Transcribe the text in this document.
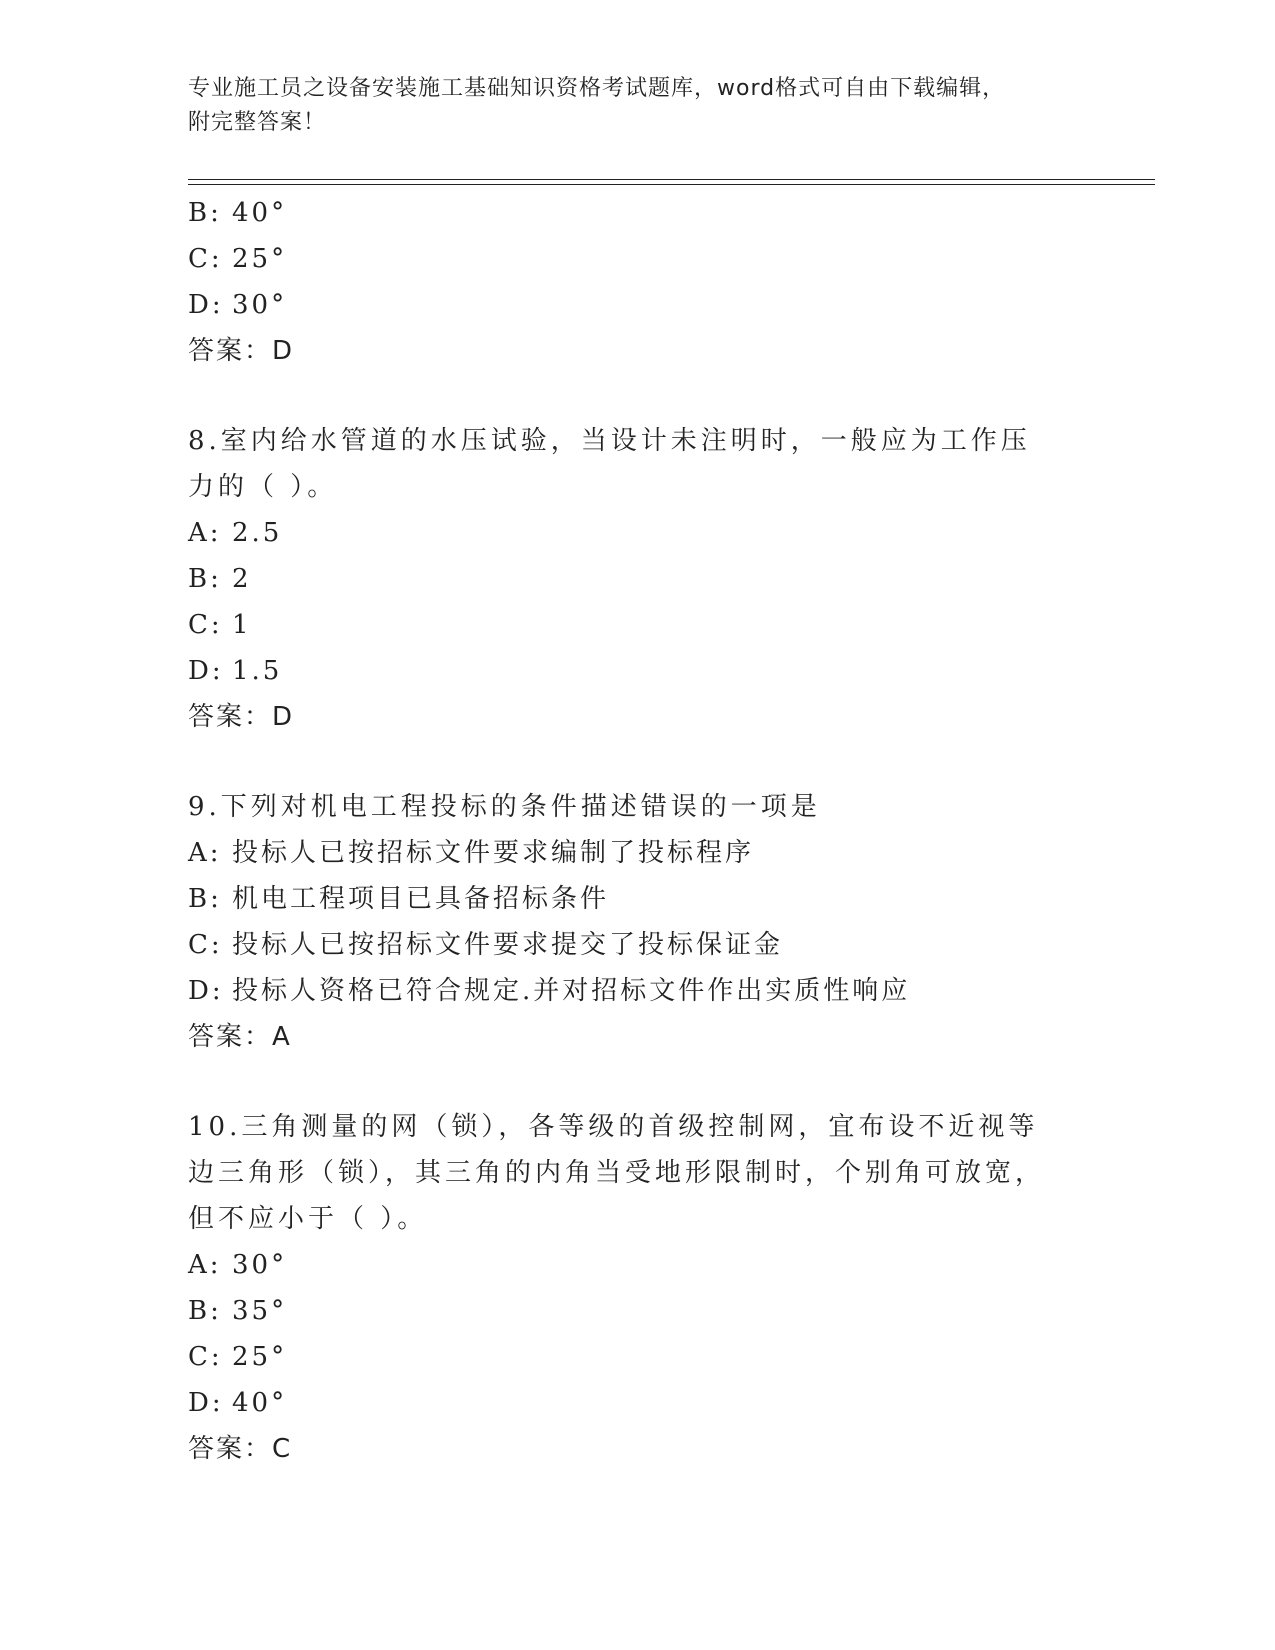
专业施工员之设备安装施工基础知识资格考试题库，word格式可自由下载编辑，
附完整答案！
B: 40°
C: 25°
D: 30°
答案：D
8.室内给水管道的水压试验，当设计未注明时，一般应为工作压力的（ ）。
A: 2.5
B: 2
C: 1
D: 1.5
答案：D
9.下列对机电工程投标的条件描述错误的一项是
A: 投标人已按招标文件要求编制了投标程序
B: 机电工程项目已具备招标条件
C: 投标人已按招标文件要求提交了投标保证金
D: 投标人资格已符合规定.并对招标文件作出实质性响应
答案：A
10.三角测量的网（锁），各等级的首级控制网，宜布设不近视等边三角形（锁），其三角的内角当受地形限制时，个别角可放宽，但不应小于（ ）。
A: 30°
B: 35°
C: 25°
D: 40°
答案：C
